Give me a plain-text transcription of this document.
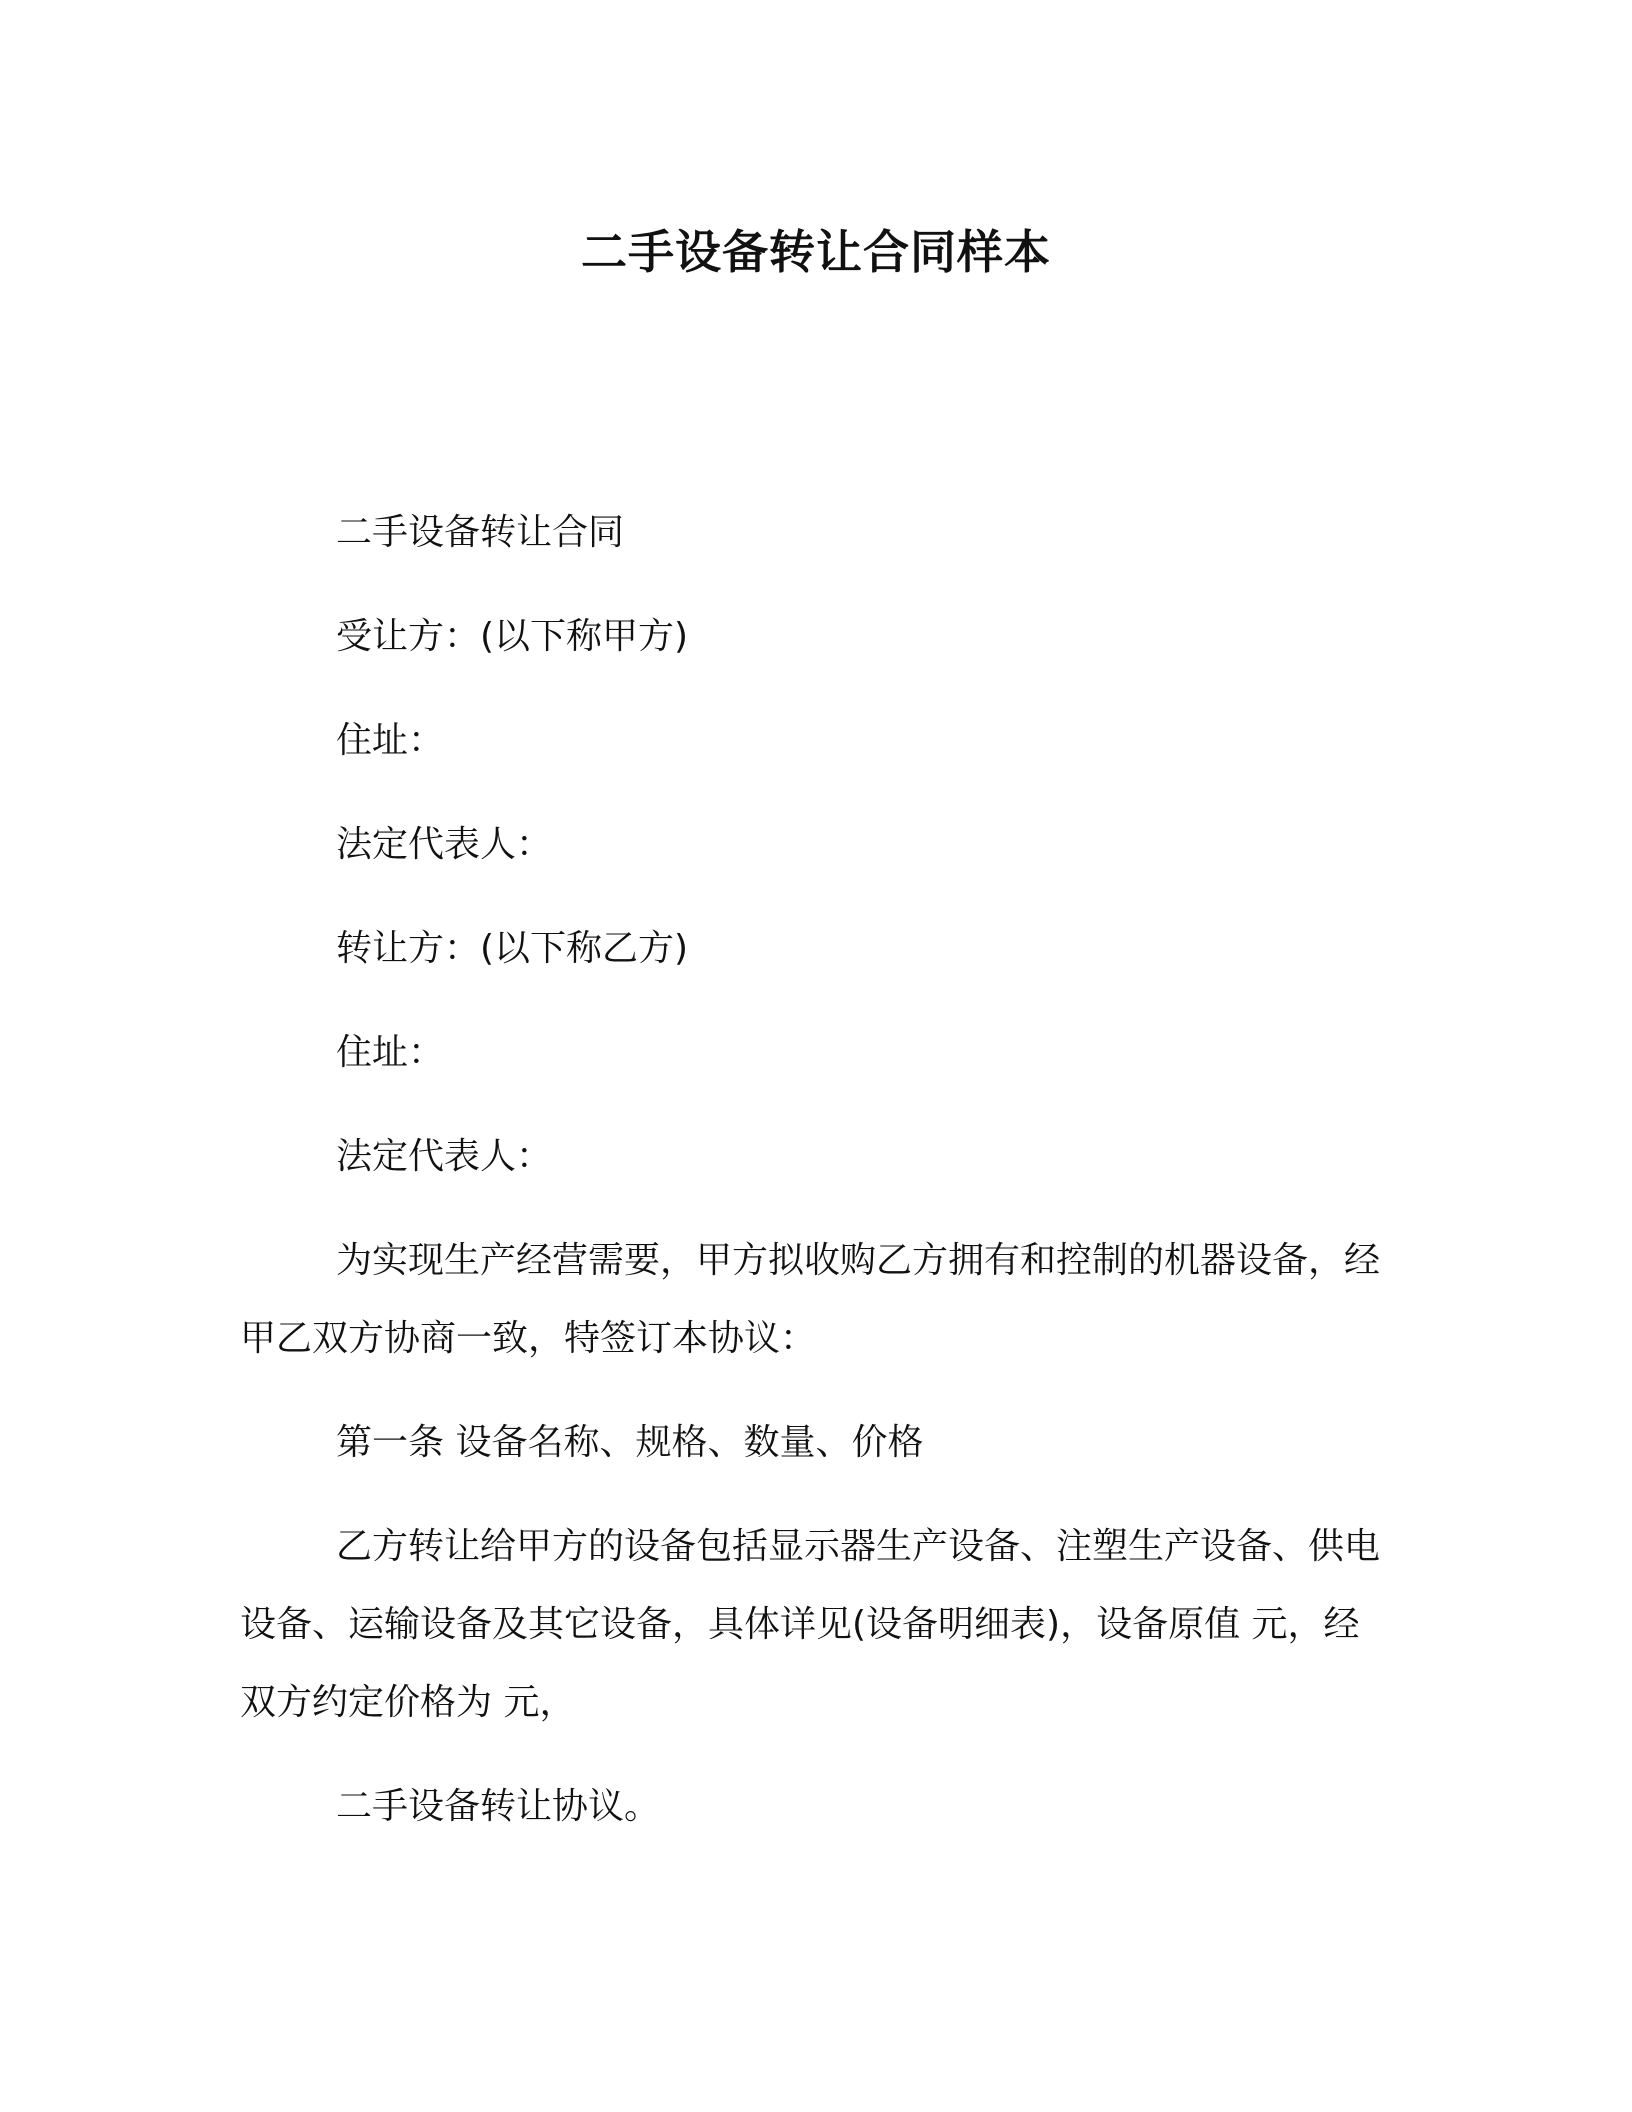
二手设备转让合同样本

二手设备转让合同

受让方：(以下称甲方)

住址：

法定代表人：

转让方：(以下称乙方)

住址：

法定代表人：

为实现生产经营需要，甲方拟收购乙方拥有和控制的机器设备，经甲乙双方协商一致，特签订本协议：

第一条 设备名称、规格、数量、价格

乙方转让给甲方的设备包括显示器生产设备、注塑生产设备、供电设备、运输设备及其它设备，具体详见(设备明细表)，设备原值 元，经双方约定价格为 元，

二手设备转让协议。
